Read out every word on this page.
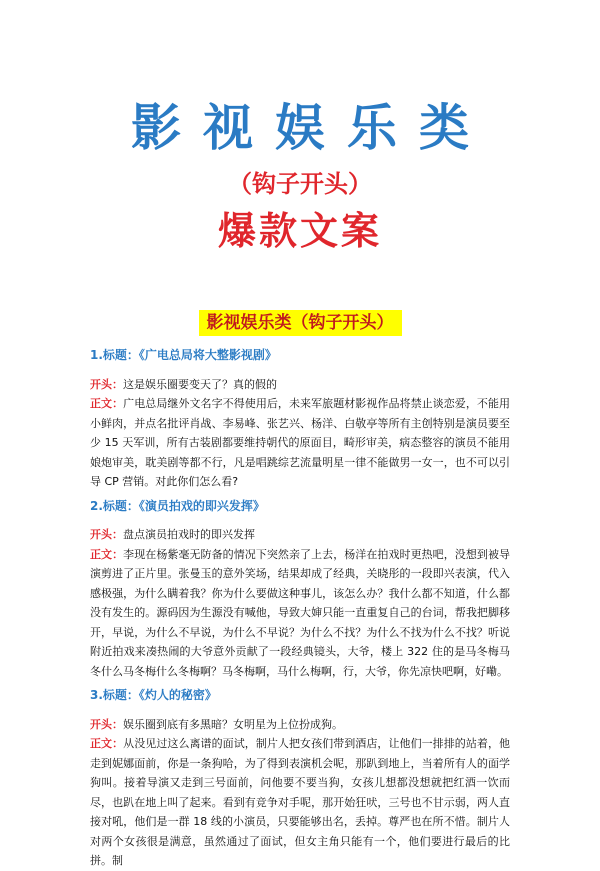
影视娱乐类
（钩子开头）
爆款文案
影视娱乐类（钩子开头）

1.标题：《广电总局将大整影视剧》

开头：这是娱乐圈要变天了？真的假的

正文：广电总局继外文名字不得使用后，未来军旅题材影视作品将禁止谈恋爱，不能用小鲜肉，并点名批评肖战、李易峰、张艺兴、杨洋、白敬亭等所有主创特别是演员要至少 15 天军训，所有古装剧都要维持朝代的原面目，畸形审美，病态整容的演员不能用娘炮审美，耽美剧等都不行，凡是唱跳综艺流量明星一律不能做男一女一，也不可以引导 CP 营销。对此你们怎么看?

2.标题：《演员拍戏的即兴发挥》

开头：盘点演员拍戏时的即兴发挥

正文：李现在杨紫毫无防备的情况下突然亲了上去，杨洋在拍戏时更热吧，没想到被导演剪进了正片里。张曼玉的意外笑场，结果却成了经典，关晓彤的一段即兴表演，代入感极强，为什么瞒着我？你为什么要做这种事儿，该怎么办？我什么都不知道，什么都没有发生的。源码因为生源没有喊他，导致大婶只能一直重复自己的台词，帮我把脚移开，早说，为什么不早说，为什么不早说？为什么不找？为什么不找为什么不找？听说附近拍戏来凑热闹的大爷意外贡献了一段经典镜头，大爷，楼上 322 住的是马冬梅马冬什么马冬梅什么冬梅啊？马冬梅啊，马什么梅啊，行，大爷，你先凉快吧啊，好嘞。

3.标题：《灼人的秘密》

开头：娱乐圈到底有多黑暗？女明星为上位扮成狗。

正文：从没见过这么离谱的面试，制片人把女孩们带到酒店，让他们一排排的站着，他走到妮娜面前，你是一条狗哈，为了得到表演机会呢，那趴到地上，当着所有人的面学狗叫。接着导演又走到三号面前，问他要不要当狗，女孩儿想都没想就把红酒一饮而尽，也趴在地上叫了起来。看到有竞争对手呢，那开始狂吠，三号也不甘示弱，两人直接对吼，他们是一群 18 线的小演员，只要能够出名，丢掉。尊严也在所不惜。制片人对两个女孩很是满意，虽然通过了面试，但女主角只能有一个，他们要进行最后的比拼。制
